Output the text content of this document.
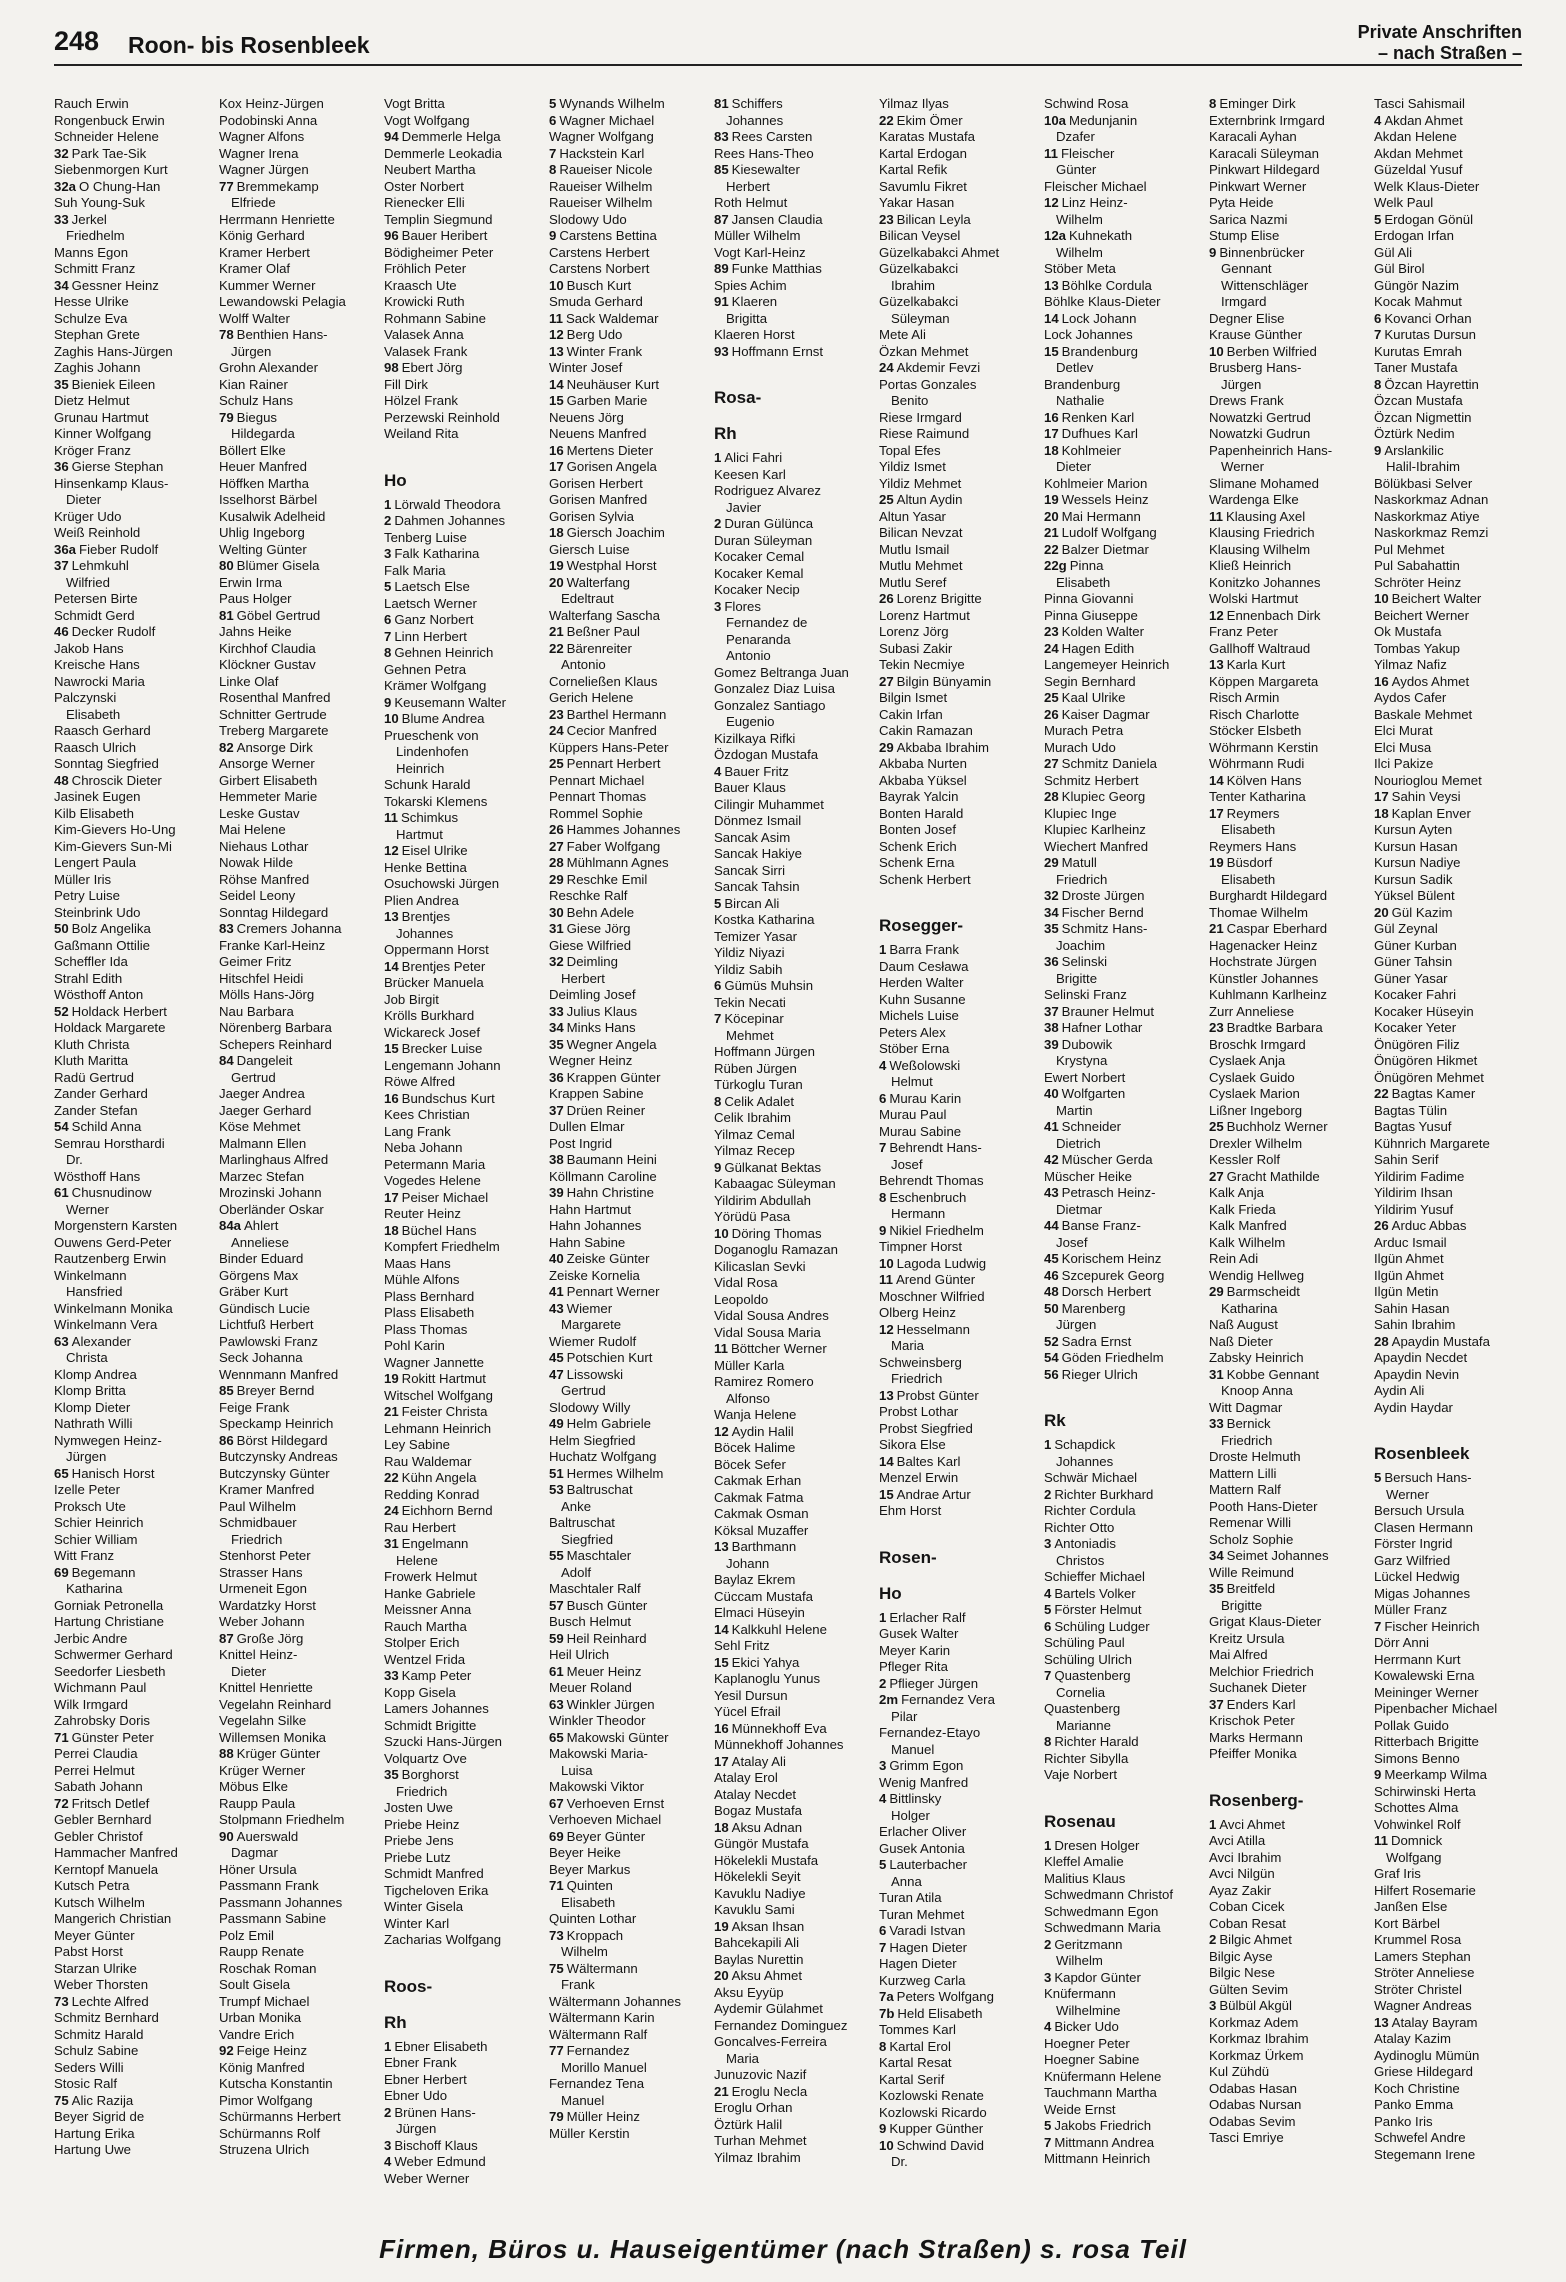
248 Roon- bis Rosenbleek	Private Anschriften
– nach Straßen –
Rauch Erwin
Rongenbuck Erwin
Schneider Helene
32 Park Tae-Sik
Siebenmorgen Kurt
32a O Chung-Han
Suh Young-Suk
33 Jerkel
Friedhelm
Manns Egon
Schmitt Franz
34 Gessner Heinz
Hesse Ulrike
Schulze Eva
Stephan Grete
Zaghis Hans-Jürgen
Zaghis Johann
35 Bieniek Eileen
Dietz Helmut
Grunau Hartmut
Kinner Wolfgang
Kröger Franz
36 Gierse Stephan
Hinsenkamp Klaus-
Dieter
Krüger Udo
Weiß Reinhold
36a Fieber Rudolf
37 Lehmkuhl
Wilfried
Petersen Birte
Schmidt Gerd
46 Decker Rudolf
Jakob Hans
Kreische Hans
Nawrocki Maria
Palczynski
Elisabeth
Raasch Gerhard
Raasch Ulrich
Sonntag Siegfried
48 Chroscik Dieter
Jasinek Eugen
Kilb Elisabeth
Kim-Gievers Ho-Ung
Kim-Gievers Sun-Mi
Lengert Paula
Müller Iris
Petry Luise
Steinbrink Udo
50 Bolz Angelika
Gaßmann Ottilie
Scheffler Ida
Strahl Edith
Wösthoff Anton
52 Holdack Herbert
Holdack Margarete
Kluth Christa
Kluth Maritta
Radü Gertrud
Zander Gerhard
Zander Stefan
54 Schild Anna
Semrau Horsthardi
Dr.
Wösthoff Hans
61 Chusnudinow
Werner
Morgenstern Karsten
Ouwens Gerd-Peter
Rautzenberg Erwin
Winkelmann
Hansfried
Winkelmann Monika
Winkelmann Vera
63 Alexander
Christa
Klomp Andrea
Klomp Britta
Klomp Dieter
Nathrath Willi
Nymwegen Heinz-
Jürgen
65 Hanisch Horst
Izelle Peter
Proksch Ute
Schier Heinrich
Schier William
Witt Franz
69 Begemann
Katharina
Gorniak Petronella
Hartung Christiane
Jerbic Andre
Schwermer Gerhard
Seedorfer Liesbeth
Wichmann Paul
Wilk Irmgard
Zahrobsky Doris
71 Günster Peter
Perrei Claudia
Perrei Helmut
Sabath Johann
72 Fritsch Detlef
Gebler Bernhard
Gebler Christof
Hammacher Manfred
Kerntopf Manuela
Kutsch Petra
Kutsch Wilhelm
Mangerich Christian
Meyer Günter
Pabst Horst
Starzan Ulrike
Weber Thorsten
73 Lechte Alfred
Schmitz Bernhard
Schmitz Harald
Schulz Sabine
Seders Willi
Stosic Ralf
75 Alic Razija
Beyer Sigrid de
Hartung Erika
Hartung Uwe
Kox Heinz-Jürgen
Podobinski Anna
Wagner Alfons
Wagner Irena
Wagner Jürgen
77 Bremmekamp
Elfriede
Herrmann Henriette
König Gerhard
Kramer Herbert
Kramer Olaf
Kummer Werner
Lewandowski Pelagia
Wolff Walter
78 Benthien Hans-
Jürgen
Grohn Alexander
Kian Rainer
Schulz Hans
79 Biegus
Hildegarda
Böllert Elke
Heuer Manfred
Höffken Martha
Isselhorst Bärbel
Kusalwik Adelheid
Uhlig Ingeborg
Welting Günter
80 Blümer Gisela
Erwin Irma
Paus Holger
81 Göbel Gertrud
Jahns Heike
Kirchhof Claudia
Klöckner Gustav
Linke Olaf
Rosenthal Manfred
Schnitter Gertrude
Treberg Margarete
82 Ansorge Dirk
Ansorge Werner
Girbert Elisabeth
Hemmeter Marie
Leske Gustav
Mai Helene
Niehaus Lothar
Nowak Hilde
Röhse Manfred
Seidel Leony
Sonntag Hildegard
83 Cremers Johanna
Franke Karl-Heinz
Geimer Fritz
Hitschfel Heidi
Mölls Hans-Jörg
Nau Barbara
Nörenberg Barbara
Schepers Reinhard
84 Dangeleit
Gertrud
Jaeger Andrea
Jaeger Gerhard
Köse Mehmet
Malmann Ellen
Marlinghaus Alfred
Marzec Stefan
Mrozinski Johann
Oberländer Oskar
84a Ahlert
Anneliese
Binder Eduard
Görgens Max
Gräber Kurt
Gündisch Lucie
Lichtfuß Herbert
Pawlowski Franz
Seck Johanna
Wennmann Manfred
85 Breyer Bernd
Feige Frank
Speckamp Heinrich
86 Börst Hildegard
Butczynsky Andreas
Butczynsky Günter
Kramer Manfred
Paul Wilhelm
Schmidbauer
Friedrich
Stenhorst Peter
Strasser Hans
Urmeneit Egon
Wardatzky Horst
Weber Johann
87 Große Jörg
Knittel Heinz-
Dieter
Knittel Henriette
Vegelahn Reinhard
Vegelahn Silke
Willemsen Monika
88 Krüger Günter
Krüger Werner
Möbus Elke
Raupp Paula
Stolpmann Friedhelm
90 Auerswald
Dagmar
Höner Ursula
Passmann Frank
Passmann Johannes
Passmann Sabine
Polz Emil
Raupp Renate
Roschak Roman
Soult Gisela
Trumpf Michael
Urban Monika
Vandre Erich
92 Feige Heinz
König Manfred
Kutscha Konstantin
Pimor Wolfgang
Schürmanns Herbert
Schürmanns Rolf
Struzena Ulrich
Vogt Britta
Vogt Wolfgang
94 Demmerle Helga
Demmerle Leokadia
Neubert Martha
Oster Norbert
Rienecker Elli
Templin Siegmund
96 Bauer Heribert
Bödigheimer Peter
Fröhlich Peter
Kraasch Ute
Krowicki Ruth
Rohmann Sabine
Valasek Anna
Valasek Frank
98 Ebert Jörg
Fill Dirk
Hölzel Frank
Perzewski Reinhold
Weiland Rita
Ho
1 Lörwald Theodora
2 Dahmen Johannes
Tenberg Luise
3 Falk Katharina
Falk Maria
5 Laetsch Else
Laetsch Werner
6 Ganz Norbert
7 Linn Herbert
8 Gehnen Heinrich
Gehnen Petra
Krämer Wolfgang
9 Keusemann Walter
10 Blume Andrea
Prueschenk von
Lindenhofen
Heinrich
Schunk Harald
Tokarski Klemens
11 Schimkus
Hartmut
12 Eisel Ulrike
Henke Bettina
Osuchowski Jürgen
Plien Andrea
13 Brentjes
Johannes
Oppermann Horst
14 Brentjes Peter
Brücker Manuela
Job Birgit
Krölls Burkhard
Wickareck Josef
15 Brecker Luise
Lengemann Johann
Röwe Alfred
16 Bundschus Kurt
Kees Christian
Lang Frank
Neba Johann
Petermann Maria
Vogedes Helene
17 Peiser Michael
Reuter Heinz
18 Büchel Hans
Kompfert Friedhelm
Maas Hans
Mühle Alfons
Plass Bernhard
Plass Elisabeth
Plass Thomas
Pohl Karin
Wagner Jannette
19 Rokitt Hartmut
Witschel Wolfgang
21 Feister Christa
Lehmann Heinrich
Ley Sabine
Rau Waldemar
22 Kühn Angela
Redding Konrad
24 Eichhorn Bernd
Rau Herbert
31 Engelmann
Helene
Frowerk Helmut
Hanke Gabriele
Meissner Anna
Rauch Martha
Stolper Erich
Wentzel Frida
33 Kamp Peter
Kopp Gisela
Lamers Johannes
Schmidt Brigitte
Szucki Hans-Jürgen
Volquartz Ove
35 Borghorst
Friedrich
Josten Uwe
Priebe Heinz
Priebe Jens
Priebe Lutz
Schmidt Manfred
Tigcheloven Erika
Winter Gisela
Winter Karl
Zacharias Wolfgang
Roos-
Rh
1 Ebner Elisabeth
Ebner Frank
Ebner Herbert
Ebner Udo
2 Brünen Hans-
Jürgen
3 Bischoff Klaus
4 Weber Edmund
Weber Werner
5 Wynands Wilhelm
6 Wagner Michael
Wagner Wolfgang
7 Hackstein Karl
8 Raueiser Nicole
Raueiser Wilhelm
Raueiser Wilhelm
Slodowy Udo
9 Carstens Bettina
Carstens Herbert
Carstens Norbert
10 Busch Kurt
Smuda Gerhard
11 Sack Waldemar
12 Berg Udo
13 Winter Frank
Winter Josef
14 Neuhäuser Kurt
15 Garben Marie
Neuens Jörg
Neuens Manfred
16 Mertens Dieter
17 Gorisen Angela
Gorisen Herbert
Gorisen Manfred
Gorisen Sylvia
18 Giersch Joachim
Giersch Luise
19 Westphal Horst
20 Walterfang
Edeltraut
Walterfang Sascha
21 Beßner Paul
22 Bärenreiter
Antonio
Corneließen Klaus
Gerich Helene
23 Barthel Hermann
24 Cecior Manfred
Küppers Hans-Peter
25 Pennart Herbert
Pennart Michael
Pennart Thomas
Rommel Sophie
26 Hammes Johannes
27 Faber Wolfgang
28 Mühlmann Agnes
29 Reschke Emil
Reschke Ralf
30 Behn Adele
31 Giese Jörg
Giese Wilfried
32 Deimling
Herbert
Deimling Josef
33 Julius Klaus
34 Minks Hans
35 Wegner Angela
Wegner Heinz
36 Krappen Günter
Krappen Sabine
37 Drüen Reiner
Dullen Elmar
Post Ingrid
38 Baumann Heini
Köllmann Caroline
39 Hahn Christine
Hahn Hartmut
Hahn Johannes
Hahn Sabine
40 Zeiske Günter
Zeiske Kornelia
41 Pennart Werner
43 Wiemer
Margarete
Wiemer Rudolf
45 Potschien Kurt
47 Lissowski
Gertrud
Slodowy Willy
49 Helm Gabriele
Helm Siegfried
Huchatz Wolfgang
51 Hermes Wilhelm
53 Baltruschat
Anke
Baltruschat
Siegfried
55 Maschtaler
Adolf
Maschtaler Ralf
57 Busch Günter
Busch Helmut
59 Heil Reinhard
Heil Ulrich
61 Meuer Heinz
Meuer Roland
63 Winkler Jürgen
Winkler Theodor
65 Makowski Günter
Makowski Maria-
Luisa
Makowski Viktor
67 Verhoeven Ernst
Verhoeven Michael
69 Beyer Günter
Beyer Heike
Beyer Markus
71 Quinten
Elisabeth
Quinten Lothar
73 Kroppach
Wilhelm
75 Wältermann
Frank
Wältermann Johannes
Wältermann Karin
Wältermann Ralf
77 Fernandez
Morillo Manuel
Fernandez Tena
Manuel
79 Müller Heinz
Müller Kerstin
81 Schiffers
Johannes
83 Rees Carsten
Rees Hans-Theo
85 Kiesewalter
Herbert
Roth Helmut
87 Jansen Claudia
Müller Wilhelm
Vogt Karl-Heinz
89 Funke Matthias
Spies Achim
91 Klaeren
Brigitta
Klaeren Horst
93 Hoffmann Ernst
Rosa-
Rh
1 Alici Fahri
Keesen Karl
Rodriguez Alvarez
Javier
2 Duran Gülünca
Duran Süleyman
Kocaker Cemal
Kocaker Kemal
Kocaker Necip
3 Flores
Fernandez de
Penaranda
Antonio
Gomez Beltranga Juan
Gonzalez Diaz Luisa
Gonzalez Santiago
Eugenio
Kizilkaya Rifki
Özdogan Mustafa
4 Bauer Fritz
Bauer Klaus
Cilingir Muhammet
Dönmez Ismail
Sancak Asim
Sancak Hakiye
Sancak Sirri
Sancak Tahsin
5 Bircan Ali
Kostka Katharina
Temizer Yasar
Yildiz Niyazi
Yildiz Sabih
6 Gümüs Muhsin
Tekin Necati
7 Köcepinar
Mehmet
Hoffmann Jürgen
Rüben Jürgen
Türkoglu Turan
8 Celik Adalet
Celik Ibrahim
Yilmaz Cemal
Yilmaz Recep
9 Gülkanat Bektas
Kabaagac Süleyman
Yildirim Abdullah
Yörüdü Pasa
10 Döring Thomas
Doganoglu Ramazan
Kilicaslan Sevki
Vidal Rosa
Leopoldo
Vidal Sousa Andres
Vidal Sousa Maria
11 Böttcher Werner
Müller Karla
Ramirez Romero
Alfonso
Wanja Helene
12 Aydin Halil
Böcek Halime
Böcek Sefer
Cakmak Erhan
Cakmak Fatma
Cakmak Osman
Köksal Muzaffer
13 Barthmann
Johann
Baylaz Ekrem
Cüccam Mustafa
Elmaci Hüseyin
14 Kalkkuhl Helene
Sehl Fritz
15 Ekici Yahya
Kaplanoglu Yunus
Yesil Dursun
Yücel Efrail
16 Münnekhoff Eva
Münnekhoff Johannes
17 Atalay Ali
Atalay Erol
Atalay Necdet
Bogaz Mustafa
18 Aksu Adnan
Güngör Mustafa
Hökelekli Mustafa
Hökelekli Seyit
Kavuklu Nadiye
Kavuklu Sami
19 Aksan Ihsan
Bahcekapili Ali
Baylas Nurettin
20 Aksu Ahmet
Aksu Eyyüp
Aydemir Gülahmet
Fernandez Dominguez
Goncalves-Ferreira
Maria
Junuzovic Nazif
21 Eroglu Necla
Eroglu Orhan
Öztürk Halil
Turhan Mehmet
Yilmaz Ibrahim
Yilmaz Ilyas
22 Ekim Ömer
Karatas Mustafa
Kartal Erdogan
Kartal Refik
Savumlu Fikret
Yakar Hasan
23 Bilican Leyla
Bilican Veysel
Güzelkabakci Ahmet
Güzelkabakci
Ibrahim
Güzelkabakci
Süleyman
Mete Ali
Özkan Mehmet
24 Akdemir Fevzi
Portas Gonzales
Benito
Riese Irmgard
Riese Raimund
Topal Efes
Yildiz Ismet
Yildiz Mehmet
25 Altun Aydin
Altun Yasar
Bilican Nevzat
Mutlu Ismail
Mutlu Mehmet
Mutlu Seref
26 Lorenz Brigitte
Lorenz Hartmut
Lorenz Jörg
Subasi Zakir
Tekin Necmiye
27 Bilgin Bünyamin
Bilgin Ismet
Cakin Irfan
Cakin Ramazan
29 Akbaba Ibrahim
Akbaba Nurten
Akbaba Yüksel
Bayrak Yalcin
Bonten Harald
Bonten Josef
Schenk Erich
Schenk Erna
Schenk Herbert
Rosegger-
1 Barra Frank
Daum Cesława
Herden Walter
Kuhn Susanne
Michels Luise
Peters Alex
Stöber Erna
4 Weßolowski
Helmut
6 Murau Karin
Murau Paul
Murau Sabine
7 Behrendt Hans-
Josef
Behrendt Thomas
8 Eschenbruch
Hermann
9 Nikiel Friedhelm
Timpner Horst
10 Lagoda Ludwig
11 Arend Günter
Moschner Wilfried
Olberg Heinz
12 Hesselmann
Maria
Schweinsberg
Friedrich
13 Probst Günter
Probst Lothar
Probst Siegfried
Sikora Else
14 Baltes Karl
Menzel Erwin
15 Andrae Artur
Ehm Horst
Rosen-
Ho
1 Erlacher Ralf
Gusek Walter
Meyer Karin
Pfleger Rita
2 Pflieger Jürgen
2m Fernandez Vera
Pilar
Fernandez-Etayo
Manuel
3 Grimm Egon
Wenig Manfred
4 Bittlinsky
Holger
Erlacher Oliver
Gusek Antonia
5 Lauterbacher
Anna
Turan Atila
Turan Mehmet
6 Varadi Istvan
7 Hagen Dieter
Hagen Dieter
Kurzweg Carla
7a Peters Wolfgang
7b Held Elisabeth
Tommes Karl
8 Kartal Erol
Kartal Resat
Kartal Serif
Kozlowski Renate
Kozlowski Ricardo
9 Kupper Günther
10 Schwind David
Dr.
Schwind Rosa
10a Medunjanin
Dzafer
11 Fleischer
Günter
Fleischer Michael
12 Linz Heinz-
Wilhelm
12a Kuhnekath
Wilhelm
Stöber Meta
13 Böhlke Cordula
Böhlke Klaus-Dieter
14 Lock Johann
Lock Johannes
15 Brandenburg
Detlev
Brandenburg
Nathalie
16 Renken Karl
17 Dufhues Karl
18 Kohlmeier
Dieter
Kohlmeier Marion
19 Wessels Heinz
20 Mai Hermann
21 Ludolf Wolfgang
22 Balzer Dietmar
22g Pinna
Elisabeth
Pinna Giovanni
Pinna Giuseppe
23 Kolden Walter
24 Hagen Edith
Langemeyer Heinrich
Segin Bernhard
25 Kaal Ulrike
26 Kaiser Dagmar
Murach Petra
Murach Udo
27 Schmitz Daniela
Schmitz Herbert
28 Klupiec Georg
Klupiec Inge
Klupiec Karlheinz
Wiechert Manfred
29 Matull
Friedrich
32 Droste Jürgen
34 Fischer Bernd
35 Schmitz Hans-
Joachim
36 Selinski
Brigitte
Selinski Franz
37 Brauner Helmut
38 Hafner Lothar
39 Dubowik
Krystyna
Ewert Norbert
40 Wolfgarten
Martin
41 Schneider
Dietrich
42 Müscher Gerda
Müscher Heike
43 Petrasch Heinz-
Dietmar
44 Banse Franz-
Josef
45 Korischem Heinz
46 Szcepurek Georg
48 Dorsch Herbert
50 Marenberg
Jürgen
52 Sadra Ernst
54 Göden Friedhelm
56 Rieger Ulrich
Rk
1 Schapdick
Johannes
Schwär Michael
2 Richter Burkhard
Richter Cordula
Richter Otto
3 Antoniadis
Christos
Schieffer Michael
4 Bartels Volker
5 Förster Helmut
6 Schüling Ludger
Schüling Paul
Schüling Ulrich
7 Quastenberg
Cornelia
Quastenberg
Marianne
8 Richter Harald
Richter Sibylla
Vaje Norbert
Rosenau
1 Dresen Holger
Kleffel Amalie
Malitius Klaus
Schwedmann Christof
Schwedmann Egon
Schwedmann Maria
2 Geritzmann
Wilhelm
3 Kapdor Günter
Knüfermann
Wilhelmine
4 Bicker Udo
Hoegner Peter
Hoegner Sabine
Knüfermann Helene
Tauchmann Martha
Weide Ernst
5 Jakobs Friedrich
7 Mittmann Andrea
Mittmann Heinrich
8 Eminger Dirk
Externbrink Irmgard
Karacali Ayhan
Karacali Süleyman
Pinkwart Hildegard
Pinkwart Werner
Pyta Heide
Sarica Nazmi
Stump Elise
9 Binnenbrücker
Gennant
Wittenschläger
Irmgard
Degner Elise
Krause Günther
10 Berben Wilfried
Brusberg Hans-
Jürgen
Drews Frank
Nowatzki Gertrud
Nowatzki Gudrun
Papenheinrich Hans-
Werner
Slimane Mohamed
Wardenga Elke
11 Klausing Axel
Klausing Friedrich
Klausing Wilhelm
Kließ Heinrich
Konitzko Johannes
Wolski Hartmut
12 Ennenbach Dirk
Franz Peter
Gallhoff Waltraud
13 Karla Kurt
Köppen Margareta
Risch Armin
Risch Charlotte
Stöcker Elsbeth
Wöhrmann Kerstin
Wöhrmann Rudi
14 Kölven Hans
Tenter Katharina
17 Reymers
Elisabeth
Reymers Hans
19 Büsdorf
Elisabeth
Burghardt Hildegard
Thomae Wilhelm
21 Caspar Eberhard
Hagenacker Heinz
Hochstrate Jürgen
Künstler Johannes
Kuhlmann Karlheinz
Zurr Anneliese
23 Bradtke Barbara
Broschk Irmgard
Cyslaek Anja
Cyslaek Guido
Cyslaek Marion
Lißner Ingeborg
25 Buchholz Werner
Drexler Wilhelm
Kessler Rolf
27 Gracht Mathilde
Kalk Anja
Kalk Frieda
Kalk Manfred
Kalk Wilhelm
Rein Adi
Wendig Hellweg
29 Barmscheidt
Katharina
Naß August
Naß Dieter
Zabsky Heinrich
31 Kobbe Gennant
Knoop Anna
Witt Dagmar
33 Bernick
Friedrich
Droste Helmuth
Mattern Lilli
Mattern Ralf
Pooth Hans-Dieter
Remenar Willi
Scholz Sophie
34 Seimet Johannes
Wille Reimund
35 Breitfeld
Brigitte
Grigat Klaus-Dieter
Kreitz Ursula
Mai Alfred
Melchior Friedrich
Suchanek Dieter
37 Enders Karl
Krischok Peter
Marks Hermann
Pfeiffer Monika
Rosenberg-
1 Avci Ahmet
Avci Atilla
Avci Ibrahim
Avci Nilgün
Ayaz Zakir
Coban Cicek
Coban Resat
2 Bilgic Ahmet
Bilgic Ayse
Bilgic Nese
Gülten Sevim
3 Bülbül Akgül
Korkmaz Adem
Korkmaz Ibrahim
Korkmaz Ürkem
Kul Zühdü
Odabas Hasan
Odabas Nursan
Odabas Sevim
Tasci Emriye
Tasci Sahismail
4 Akdan Ahmet
Akdan Helene
Akdan Mehmet
Güzeldal Yusuf
Welk Klaus-Dieter
Welk Paul
5 Erdogan Gönül
Erdogan Irfan
Gül Ali
Gül Birol
Güngör Nazim
Kocak Mahmut
6 Kovanci Orhan
7 Kurutas Dursun
Kurutas Emrah
Taner Mustafa
8 Özcan Hayrettin
Özcan Mustafa
Özcan Nigmettin
Öztürk Nedim
9 Arslankilic
Halil-Ibrahim
Bölükbasi Selver
Naskorkmaz Adnan
Naskorkmaz Atiye
Naskorkmaz Remzi
Pul Mehmet
Pul Sabahattin
Schröter Heinz
10 Beichert Walter
Beichert Werner
Ok Mustafa
Tombas Yakup
Yilmaz Nafiz
16 Aydos Ahmet
Aydos Cafer
Baskale Mehmet
Elci Murat
Elci Musa
Ilci Pakize
Nourioglou Memet
17 Sahin Veysi
18 Kaplan Enver
Kursun Ayten
Kursun Hasan
Kursun Nadiye
Kursun Sadik
Yüksel Bülent
20 Gül Kazim
Gül Zeynal
Güner Kurban
Güner Tahsin
Güner Yasar
Kocaker Fahri
Kocaker Hüseyin
Kocaker Yeter
Önügören Filiz
Önügören Hikmet
Önügören Mehmet
22 Bagtas Kamer
Bagtas Tülin
Bagtas Yusuf
Kühnrich Margarete
Sahin Serif
Yildirim Fadime
Yildirim Ihsan
Yildirim Yusuf
26 Arduc Abbas
Arduc Ismail
Ilgün Ahmet
Ilgün Ahmet
Ilgün Metin
Sahin Hasan
Sahin Ibrahim
28 Apaydin Mustafa
Apaydin Necdet
Apaydin Nevin
Aydin Ali
Aydin Haydar
Rosenbleek
5 Bersuch Hans-
Werner
Bersuch Ursula
Clasen Hermann
Förster Ingrid
Garz Wilfried
Lückel Hedwig
Migas Johannes
Müller Franz
7 Fischer Heinrich
Dörr Anni
Herrmann Kurt
Kowalewski Erna
Meininger Werner
Pipenbacher Michael
Pollak Guido
Ritterbach Brigitte
Simons Benno
9 Meerkamp Wilma
Schirwinski Herta
Schottes Alma
Vohwinkel Rolf
11 Domnick
Wolfgang
Graf Iris
Hilfert Rosemarie
Janßen Else
Kort Bärbel
Krummel Rosa
Lamers Stephan
Ströter Anneliese
Ströter Christel
Wagner Andreas
13 Atalay Bayram
Atalay Kazim
Aydinoglu Mümün
Griese Hildegard
Koch Christine
Panko Emma
Panko Iris
Schwefel Andre
Stegemann Irene
Firmen, Büros u. Hauseigentümer (nach Straßen) s. rosa Teil
